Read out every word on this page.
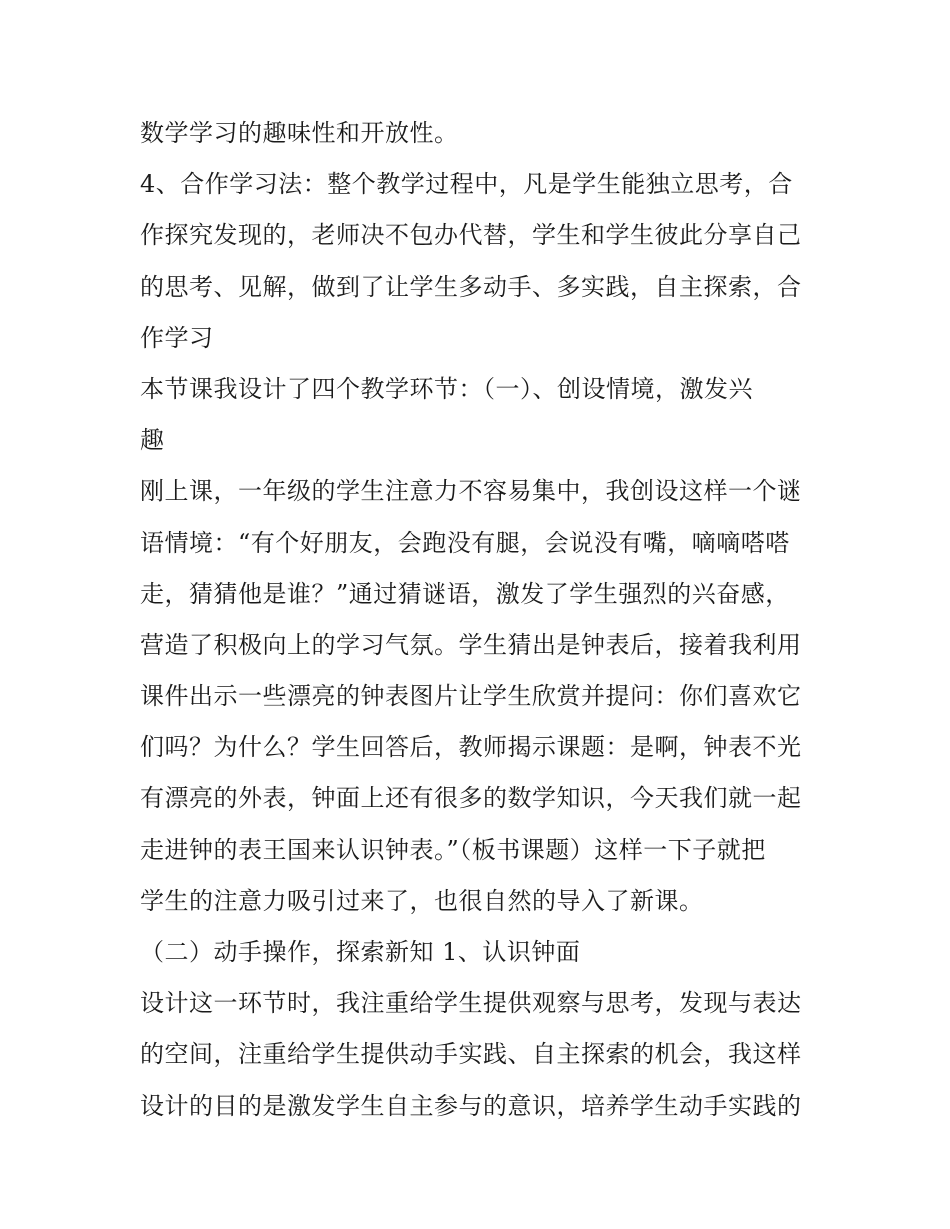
数学学习的趣味性和开放性。
4、合作学习法：整个教学过程中，凡是学生能独立思考，合
作探究发现的，老师决不包办代替，学生和学生彼此分享自己
的思考、见解，做到了让学生多动手、多实践，自主探索，合
作学习
本节课我设计了四个教学环节：（一）、创设情境，激发兴
趣
刚上课，一年级的学生注意力不容易集中，我创设这样一个谜
语情境：“有个好朋友，会跑没有腿，会说没有嘴，嘀嘀嗒嗒
走，猜猜他是谁？”通过猜谜语，激发了学生强烈的兴奋感，
营造了积极向上的学习气氛。学生猜出是钟表后，接着我利用
课件出示一些漂亮的钟表图片让学生欣赏并提问：你们喜欢它
们吗？为什么？学生回答后，教师揭示课题：是啊，钟表不光
有漂亮的外表，钟面上还有很多的数学知识，今天我们就一起
走进钟的表王国来认识钟表。”（板书课题）这样一下子就把
学生的注意力吸引过来了，也很自然的导入了新课。
（二）动手操作，探索新知 1、认识钟面
设计这一环节时，我注重给学生提供观察与思考，发现与表达
的空间，注重给学生提供动手实践、自主探索的机会，我这样
设计的目的是激发学生自主参与的意识，培养学生动手实践的
